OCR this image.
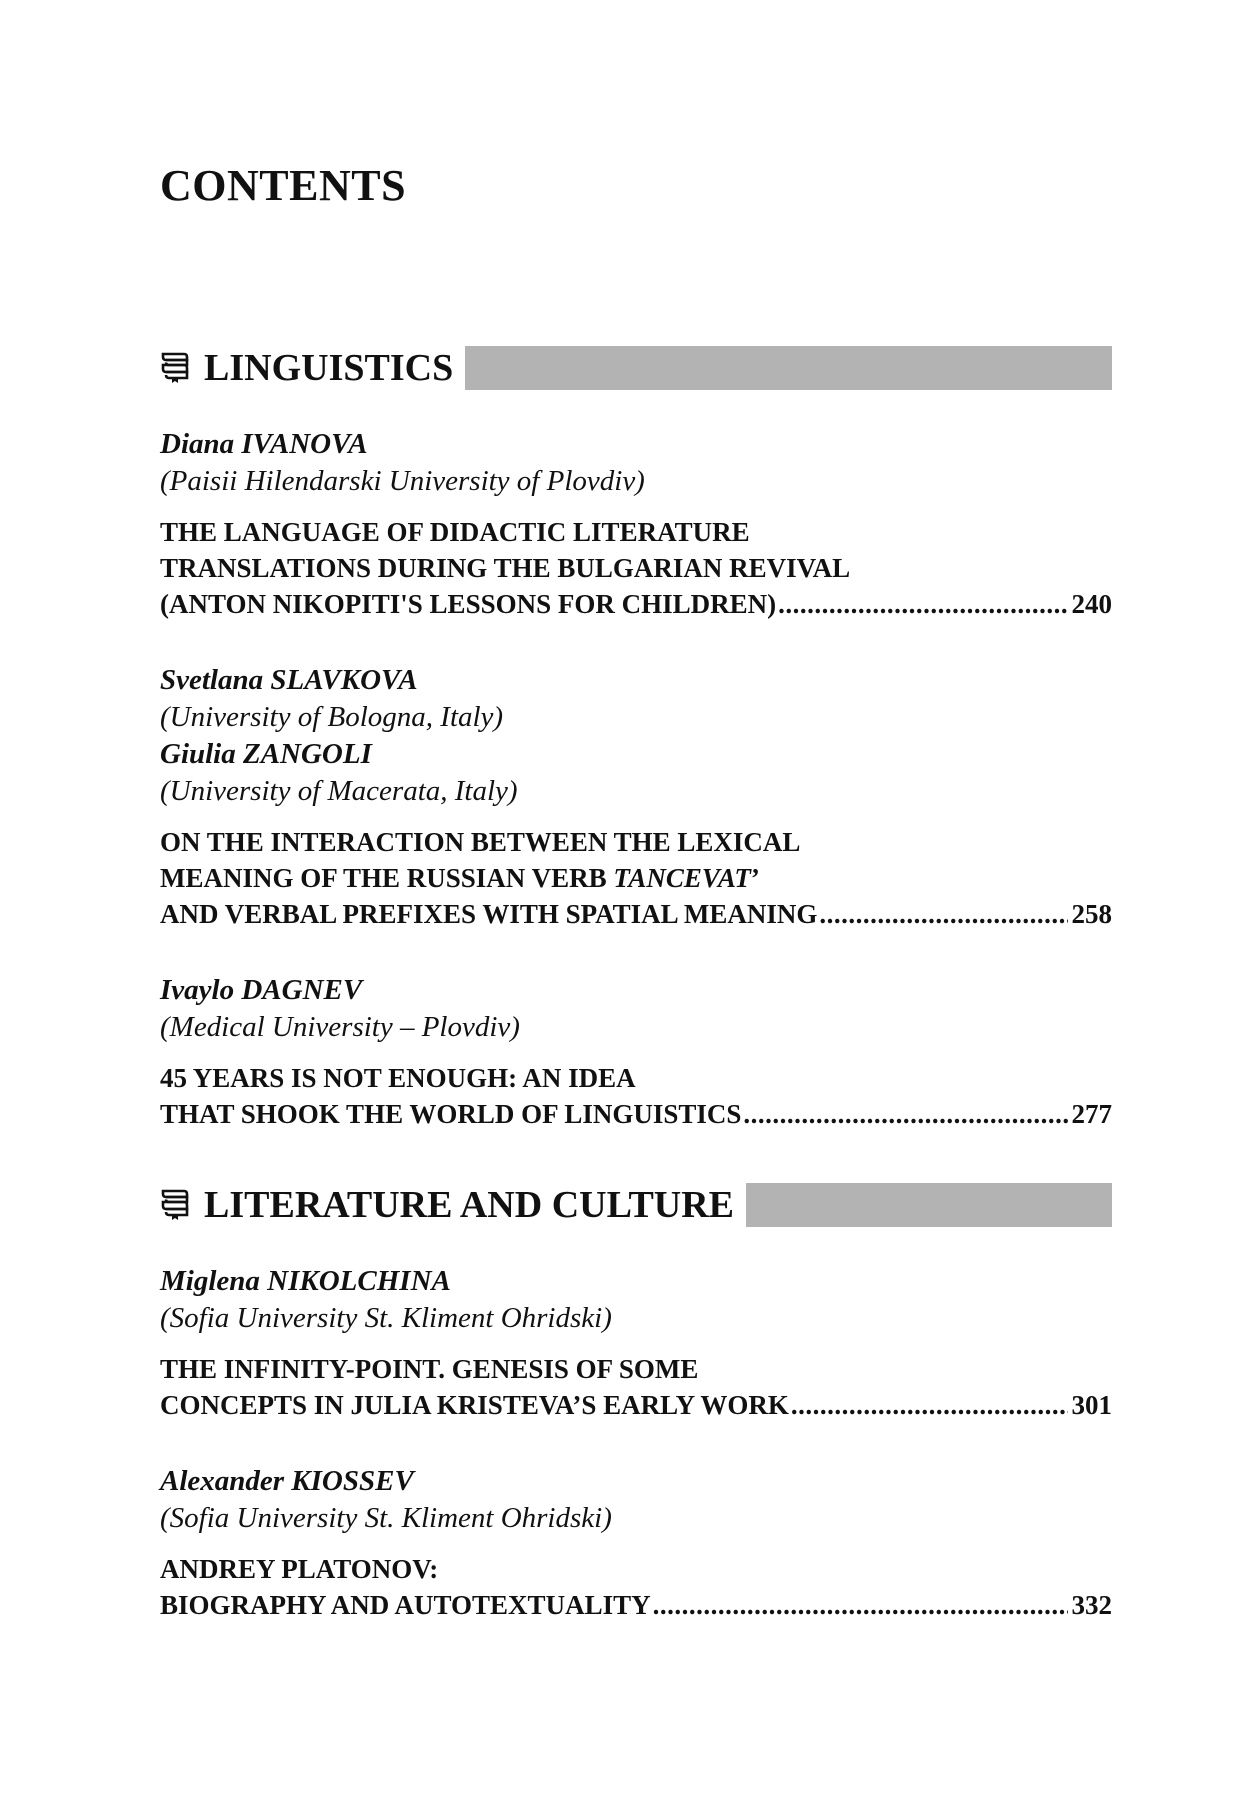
CONTENTS
LINGUISTICS
Diana IVANOVA
(Paisii Hilendarski University of Plovdiv)
THE LANGUAGE OF DIDACTIC LITERATURE
TRANSLATIONS DURING THE BULGARIAN REVIVAL
(ANTON NIKOPITI'S LESSONS FOR CHILDREN) .....	240
Svetlana SLAVKOVA
(University of Bologna, Italy)
Giulia ZANGOLI
(University of Macerata, Italy)
ON THE INTERACTION BETWEEN THE LEXICAL
MEANING OF THE RUSSIAN VERB TANCEVAT’
AND VERBAL PREFIXES WITH SPATIAL MEANING .....	258
Ivaylo DAGNEV
(Medical University – Plovdiv)
45 YEARS IS NOT ENOUGH: AN IDEA
THAT SHOOK THE WORLD OF LINGUISTICS .....	277
LITERATURE AND CULTURE
Miglena NIKOLCHINA
(Sofia University St. Kliment Ohridski)
THE INFINITY-POINT. GENESIS OF SOME
CONCEPTS IN JULIA KRISTEVA’S EARLY WORK .....	301
Alexander KIOSSEV
(Sofia University St. Kliment Ohridski)
ANDREY PLATONOV:
BIOGRAPHY AND AUTOTEXTUALITY .....	332
